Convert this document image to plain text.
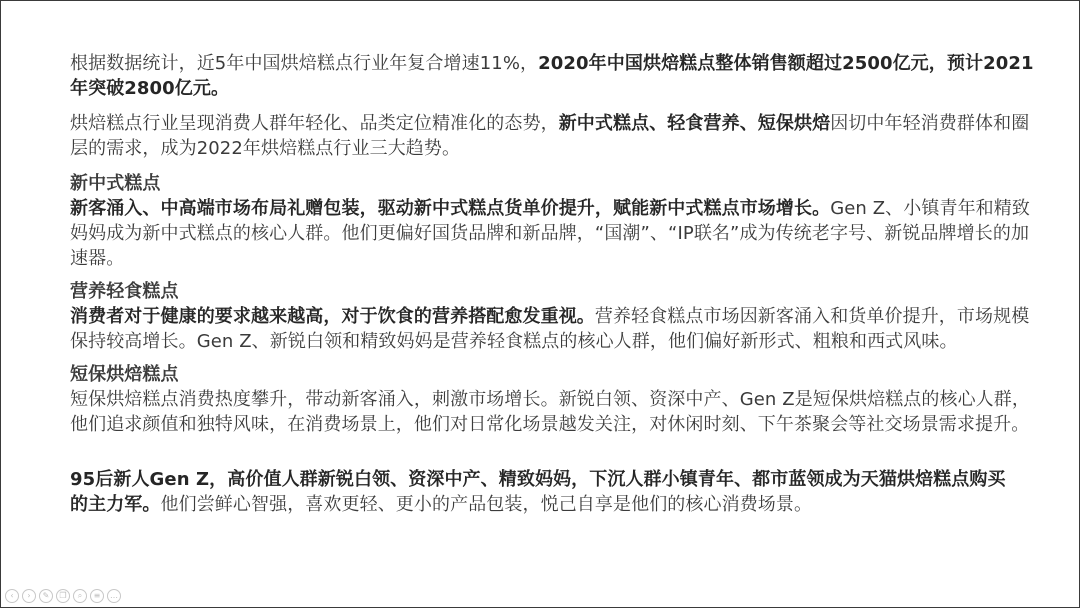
根据数据统计，近5年中国烘焙糕点行业年复合增速11%，2020年中国烘焙糕点整体销售额超过2500亿元，预计2021年突破2800亿元。

烘焙糕点行业呈现消费人群年轻化、品类定位精准化的态势，新中式糕点、轻食营养、短保烘焙因切中年轻消费群体和圈层的需求，成为2022年烘焙糕点行业三大趋势。

新中式糕点

新客涌入、中高端市场布局礼赠包装，驱动新中式糕点货单价提升，赋能新中式糕点市场增长。Gen Z、小镇青年和精致妈妈成为新中式糕点的核心人群。他们更偏好国货品牌和新品牌，“国潮”、“IP联名”成为传统老字号、新锐品牌增长的加速器。

营养轻食糕点

消费者对于健康的要求越来越高，对于饮食的营养搭配愈发重视。营养轻食糕点市场因新客涌入和货单价提升，市场规模保持较高增长。Gen Z、新锐白领和精致妈妈是营养轻食糕点的核心人群，他们偏好新形式、粗粮和西式风味。

短保烘焙糕点

短保烘焙糕点消费热度攀升，带动新客涌入，刺激市场增长。新锐白领、资深中产、Gen Z是短保烘焙糕点的核心人群，他们追求颜值和独特风味，在消费场景上，他们对日常化场景越发关注，对休闲时刻、下午茶聚会等社交场景需求提升。

95后新人Gen Z，高价值人群新锐白领、资深中产、精致妈妈，下沉人群小镇青年、都市蓝领成为天猫烘焙糕点购买的主力军。他们尝鲜心智强，喜欢更轻、更小的产品包装，悦己自享是他们的核心消费场景。

‹	›	✎	❐	⌕	≡	…
